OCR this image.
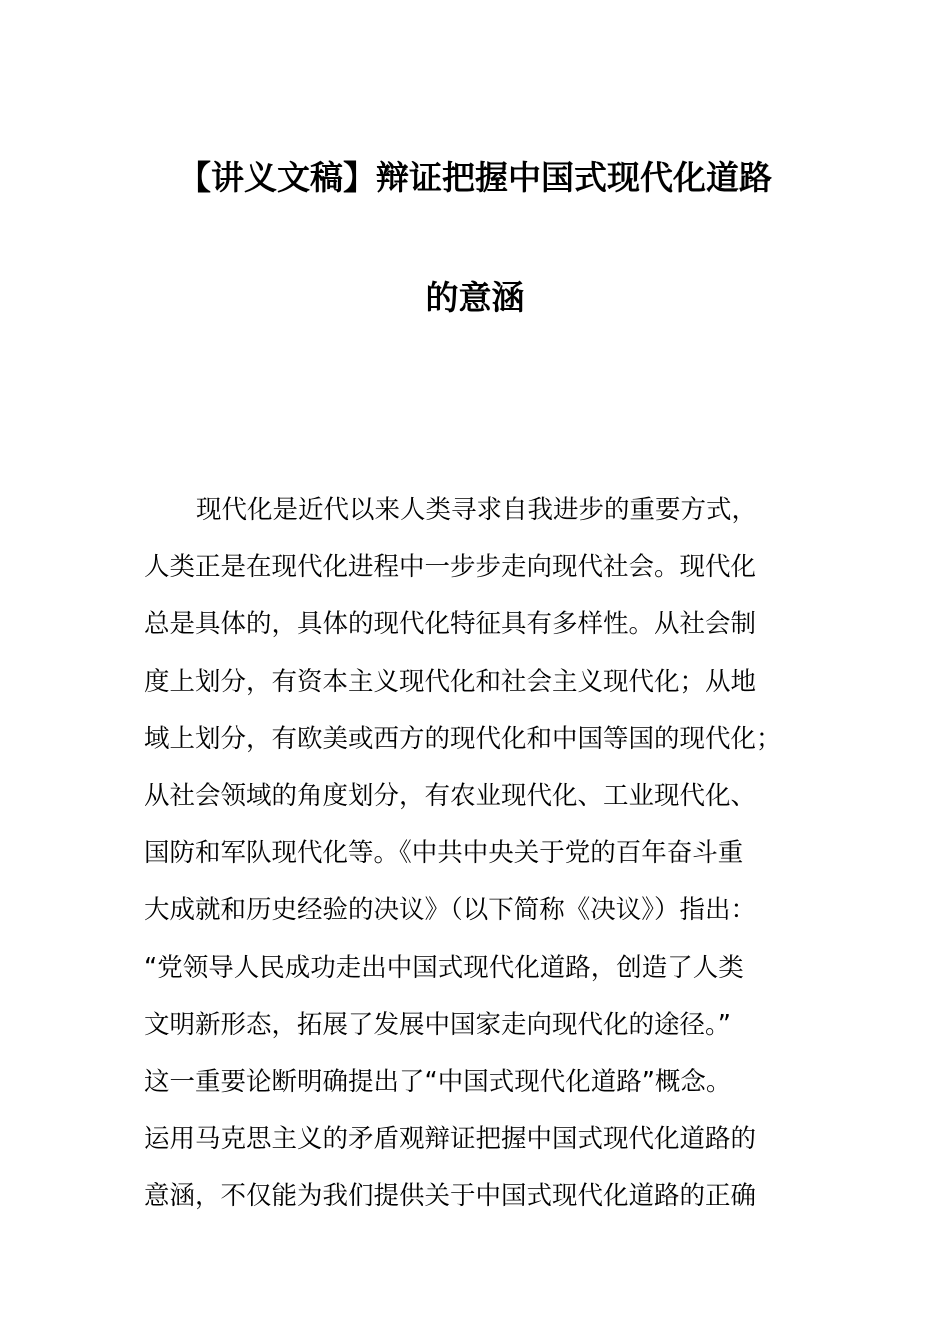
【讲义文稿】辩证把握中国式现代化道路
的意涵
现代化是近代以来人类寻求自我进步的重要方式，
人类正是在现代化进程中一步步走向现代社会。现代化
总是具体的，具体的现代化特征具有多样性。从社会制
度上划分，有资本主义现代化和社会主义现代化；从地
域上划分，有欧美或西方的现代化和中国等国的现代化；
从社会领域的角度划分，有农业现代化、工业现代化、
国防和军队现代化等。《中共中央关于党的百年奋斗重
大成就和历史经验的决议》（以下简称《决议》）指出：
“党领导人民成功走出中国式现代化道路，创造了人类
文明新形态，拓展了发展中国家走向现代化的途径。”
这一重要论断明确提出了“中国式现代化道路”概念。
运用马克思主义的矛盾观辩证把握中国式现代化道路的
意涵，不仅能为我们提供关于中国式现代化道路的正确
